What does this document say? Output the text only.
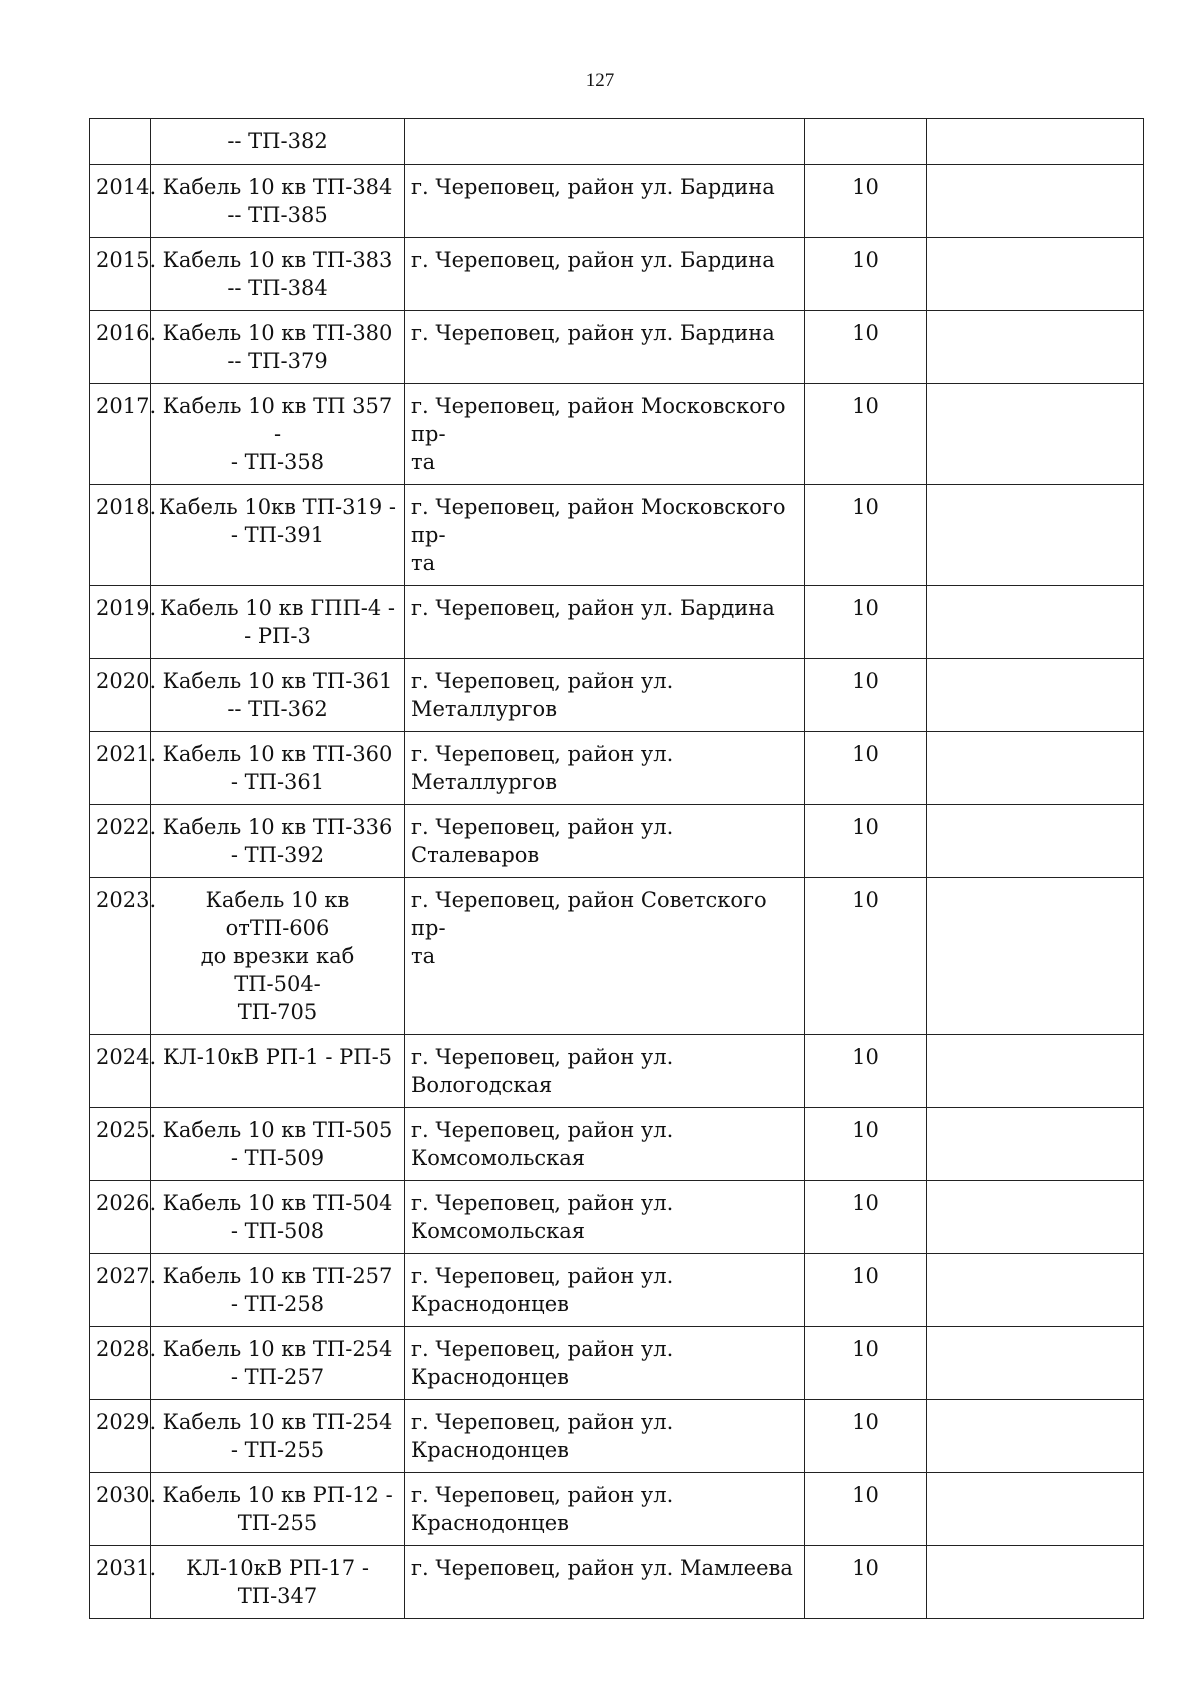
127
	-- ТП-382			
2014.	Кабель 10 кв ТП-384
-- ТП-385	г. Череповец, район ул. Бардина	10	
2015.	Кабель 10 кв ТП-383
-- ТП-384	г. Череповец, район ул. Бардина	10	
2016.	Кабель 10 кв ТП-380
-- ТП-379	г. Череповец, район ул. Бардина	10	
2017.	Кабель 10 кв ТП 357 -
- ТП-358	г. Череповец, район Московского пр-
та	10	
2018.	Кабель 10кв ТП-319 -
- ТП-391	г. Череповец, район Московского пр-
та	10	
2019.	Кабель 10 кв ГПП-4 -
- РП-3	г. Череповец, район ул. Бардина	10	
2020.	Кабель 10 кв ТП-361
-- ТП-362	г. Череповец, район ул. Металлургов	10	
2021.	Кабель 10 кв ТП-360
- ТП-361	г. Череповец, район ул. Металлургов	10	
2022.	Кабель 10 кв ТП-336
- ТП-392	г. Череповец, район ул. Сталеваров	10	
2023.	Кабель 10 кв отТП-606
до врезки каб ТП-504-
ТП-705	г. Череповец, район Советского пр-
та	10	
2024.	КЛ-10кВ РП-1 - РП-5	г. Череповец, район ул. Вологодская	10	
2025.	Кабель 10 кв ТП-505
- ТП-509	г. Череповец, район ул.
Комсомольская	10	
2026.	Кабель 10 кв ТП-504
- ТП-508	г. Череповец, район ул.
Комсомольская	10	
2027.	Кабель 10 кв ТП-257
- ТП-258	г. Череповец, район ул.
Краснодонцев	10	
2028.	Кабель 10 кв ТП-254
- ТП-257	г. Череповец, район ул.
Краснодонцев	10	
2029.	Кабель 10 кв ТП-254
- ТП-255	г. Череповец, район ул.
Краснодонцев	10	
2030.	Кабель 10 кв РП-12 -
ТП-255	г. Череповец, район ул.
Краснодонцев	10	
2031.	КЛ-10кВ РП-17 -
ТП-347	г. Череповец, район ул. Мамлеева	10	
